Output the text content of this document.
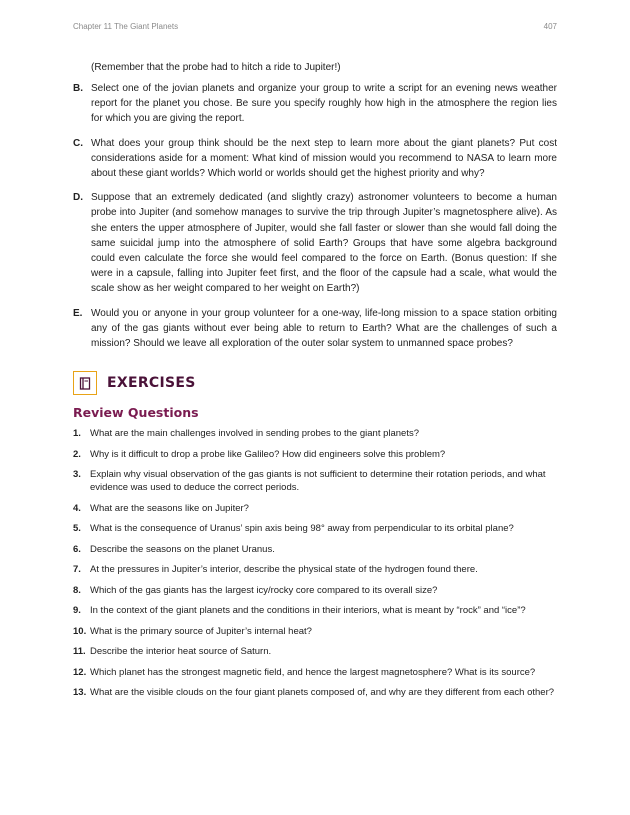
Chapter 11 The Giant Planets	407

(Remember that the probe had to hitch a ride to Jupiter!)

B. Select one of the jovian planets and organize your group to write a script for an evening news weather report for the planet you chose. Be sure you specify roughly how high in the atmosphere the region lies for which you are giving the report.
C. What does your group think should be the next step to learn more about the giant planets? Put cost considerations aside for a moment: What kind of mission would you recommend to NASA to learn more about these giant worlds? Which world or worlds should get the highest priority and why?
D. Suppose that an extremely dedicated (and slightly crazy) astronomer volunteers to become a human probe into Jupiter (and somehow manages to survive the trip through Jupiter’s magnetosphere alive). As she enters the upper atmosphere of Jupiter, would she fall faster or slower than she would fall doing the same suicidal jump into the atmosphere of solid Earth? Groups that have some algebra background could even calculate the force she would feel compared to the force on Earth. (Bonus question: If she were in a capsule, falling into Jupiter feet first, and the floor of the capsule had a scale, what would the scale show as her weight compared to her weight on Earth?)
E. Would you or anyone in your group volunteer for a one-way, life-long mission to a space station orbiting any of the gas giants without ever being able to return to Earth? What are the challenges of such a mission? Should we leave all exploration of the outer solar system to unmanned space probes?
EXERCISES
Review Questions
1. What are the main challenges involved in sending probes to the giant planets?
2. Why is it difficult to drop a probe like Galileo? How did engineers solve this problem?
3. Explain why visual observation of the gas giants is not sufficient to determine their rotation periods, and what evidence was used to deduce the correct periods.
4. What are the seasons like on Jupiter?
5. What is the consequence of Uranus’ spin axis being 98° away from perpendicular to its orbital plane?
6. Describe the seasons on the planet Uranus.
7. At the pressures in Jupiter’s interior, describe the physical state of the hydrogen found there.
8. Which of the gas giants has the largest icy/rocky core compared to its overall size?
9. In the context of the giant planets and the conditions in their interiors, what is meant by “rock” and “ice”?
10. What is the primary source of Jupiter’s internal heat?
11. Describe the interior heat source of Saturn.
12. Which planet has the strongest magnetic field, and hence the largest magnetosphere? What is its source?
13. What are the visible clouds on the four giant planets composed of, and why are they different from each other?
